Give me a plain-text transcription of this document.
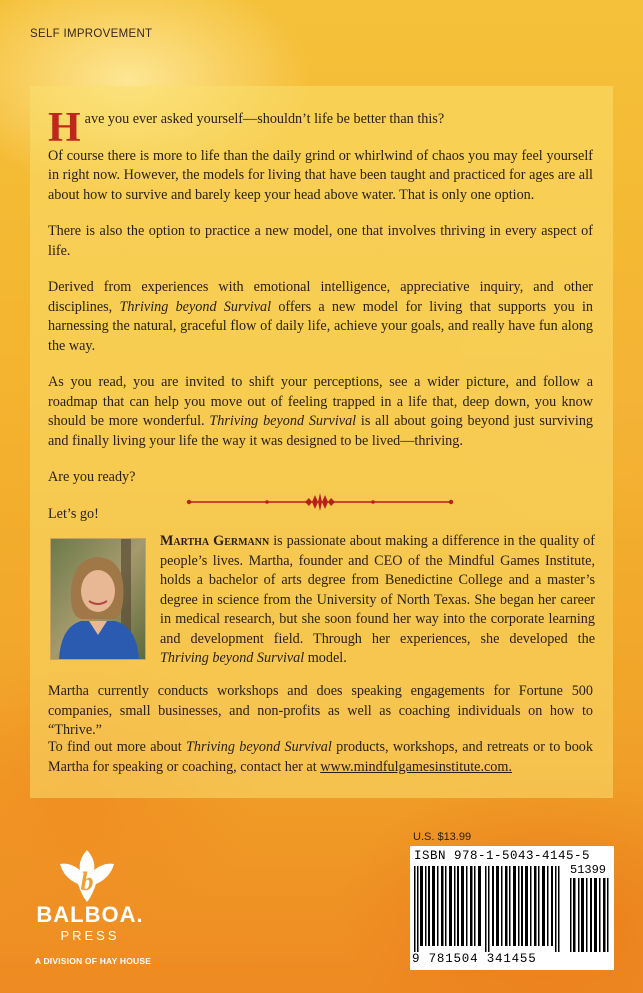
SELF IMPROVEMENT

Have you ever asked yourself—shouldn’t life be better than this?

Of course there is more to life than the daily grind or whirlwind of chaos you may feel yourself in right now. However, the models for living that have been taught and practiced for ages are all about how to survive and barely keep your head above water. That is only one option.

There is also the option to practice a new model, one that involves thriving in every aspect of life.

Derived from experiences with emotional intelligence, appreciative inquiry, and other disciplines, Thriving beyond Survival offers a new model for living that supports you in harnessing the natural, graceful flow of daily life, achieve your goals, and really have fun along the way.

As you read, you are invited to shift your perceptions, see a wider picture, and follow a roadmap that can help you move out of feeling trapped in a life that, deep down, you know should be more wonderful. Thriving beyond Survival is all about going beyond just surviving and finally living your life the way it was designed to be lived—thriving.

Are you ready?

Let’s go!

Martha Germann is passionate about making a difference in the quality of people’s lives. Martha, founder and CEO of the Mindful Games Institute, holds a bachelor of arts degree from Benedictine College and a master’s degree in science from the University of North Texas. She began her career in medical research, but she soon found her way into the corporate learning and development field. Through her experiences, she developed the Thriving beyond Survival model.
Martha currently conducts workshops and does speaking engagements for Fortune 500 companies, small businesses, and non-profits as well as coaching individuals on how to “Thrive.”
To find out more about Thriving beyond Survival products, workshops, and retreats or to book Martha for speaking or coaching, contact her at www.mindfulgamesinstitute.com.
U.S. $13.99
ISBN 978-1-5043-4145-5
51399
9 781504 341455
b
BALBOA.
PRESS
A DIVISION OF HAY HOUSE
